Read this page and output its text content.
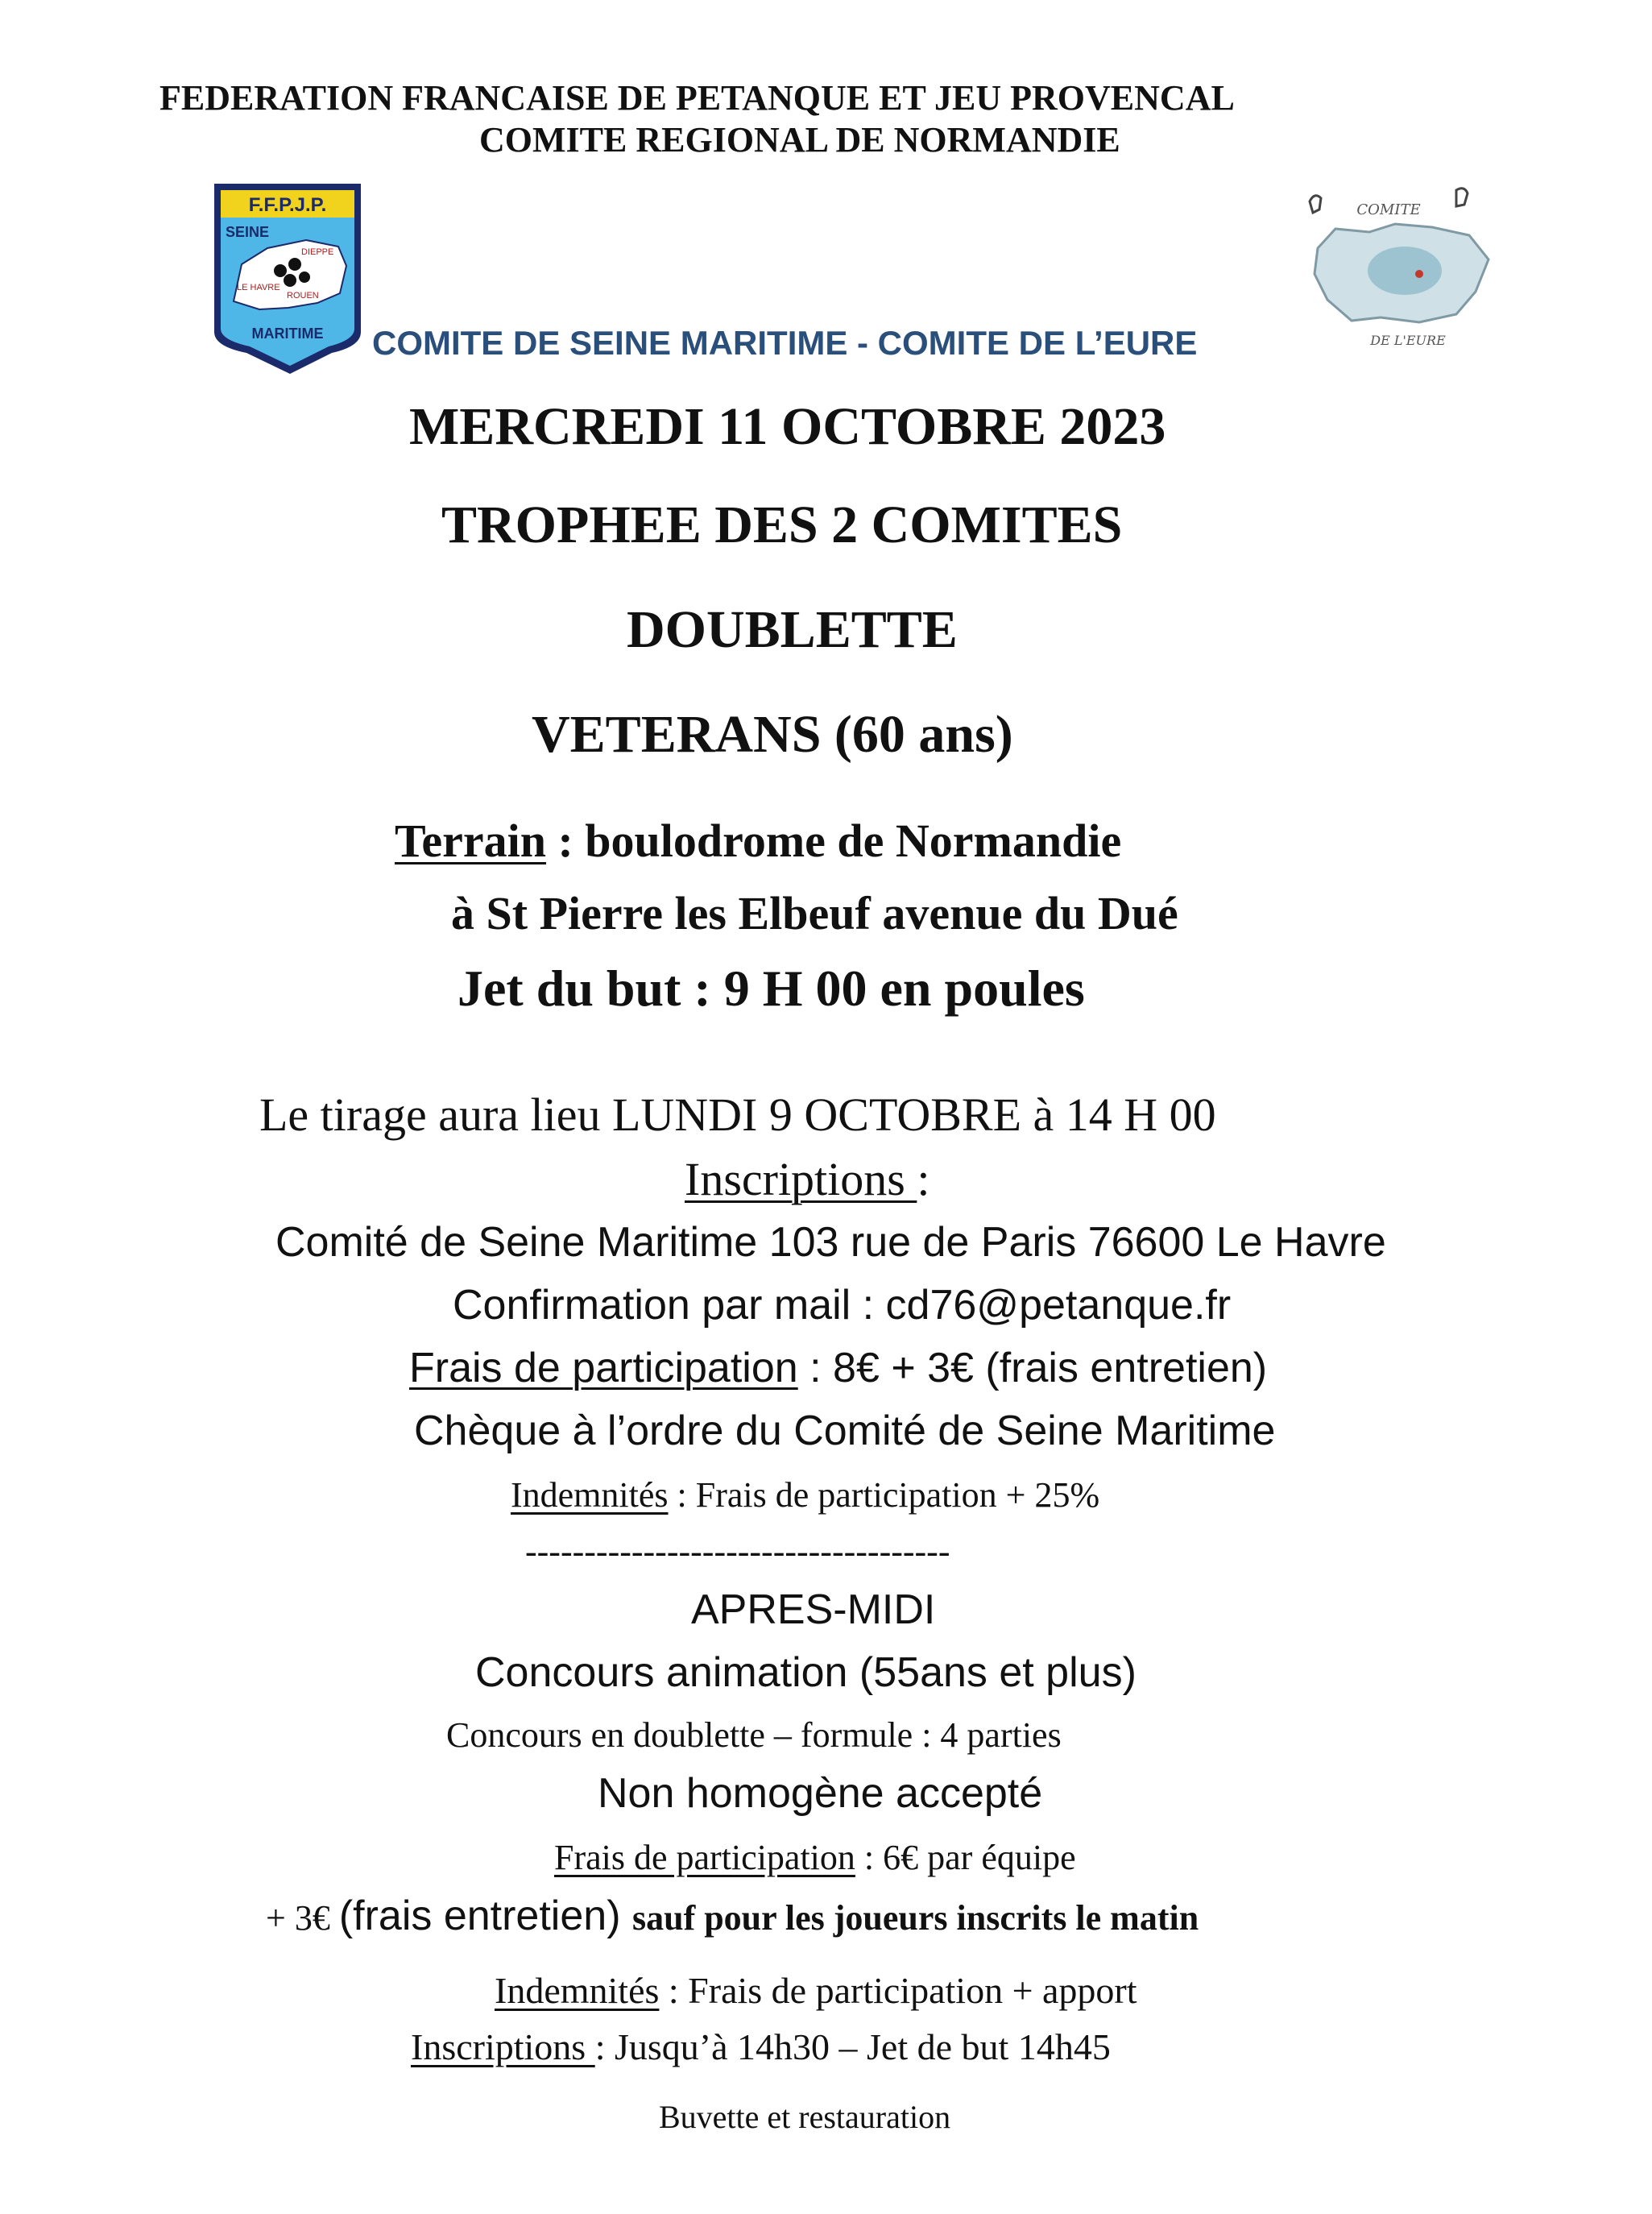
FEDERATION FRANCAISE DE PETANQUE ET JEU PROVENCAL
COMITE REGIONAL DE NORMANDIE
F.F.P.J.P.
SEINE
DIEPPE
LE HAVRE
ROUEN
MARITIME
COMITE
DE L'EURE
COMITE DE SEINE MARITIME - COMITE DE L’EURE
MERCREDI 11 OCTOBRE 2023
TROPHEE DES 2 COMITES
DOUBLETTE
VETERANS (60 ans)
Terrain : boulodrome de Normandie
à St Pierre les Elbeuf avenue du Dué
Jet du but : 9 H 00 en poules
Le tirage aura lieu LUNDI 9 OCTOBRE à 14 H 00
Inscriptions :
Comité de Seine Maritime 103 rue de Paris 76600 Le Havre
Confirmation par mail : cd76@petanque.fr
Frais de participation : 8€ + 3€ (frais entretien)
Chèque à l’ordre du Comité de Seine Maritime
Indemnités : Frais de participation + 25%
------------------------------------
APRES-MIDI
Concours animation (55ans et plus)
Concours en doublette – formule : 4 parties
Non homogène accepté
Frais de participation : 6€ par équipe
+ 3€ (frais entretien) sauf pour les joueurs inscrits le matin
Indemnités : Frais de participation + apport
Inscriptions : Jusqu’à 14h30 – Jet de but 14h45
Buvette et restauration
